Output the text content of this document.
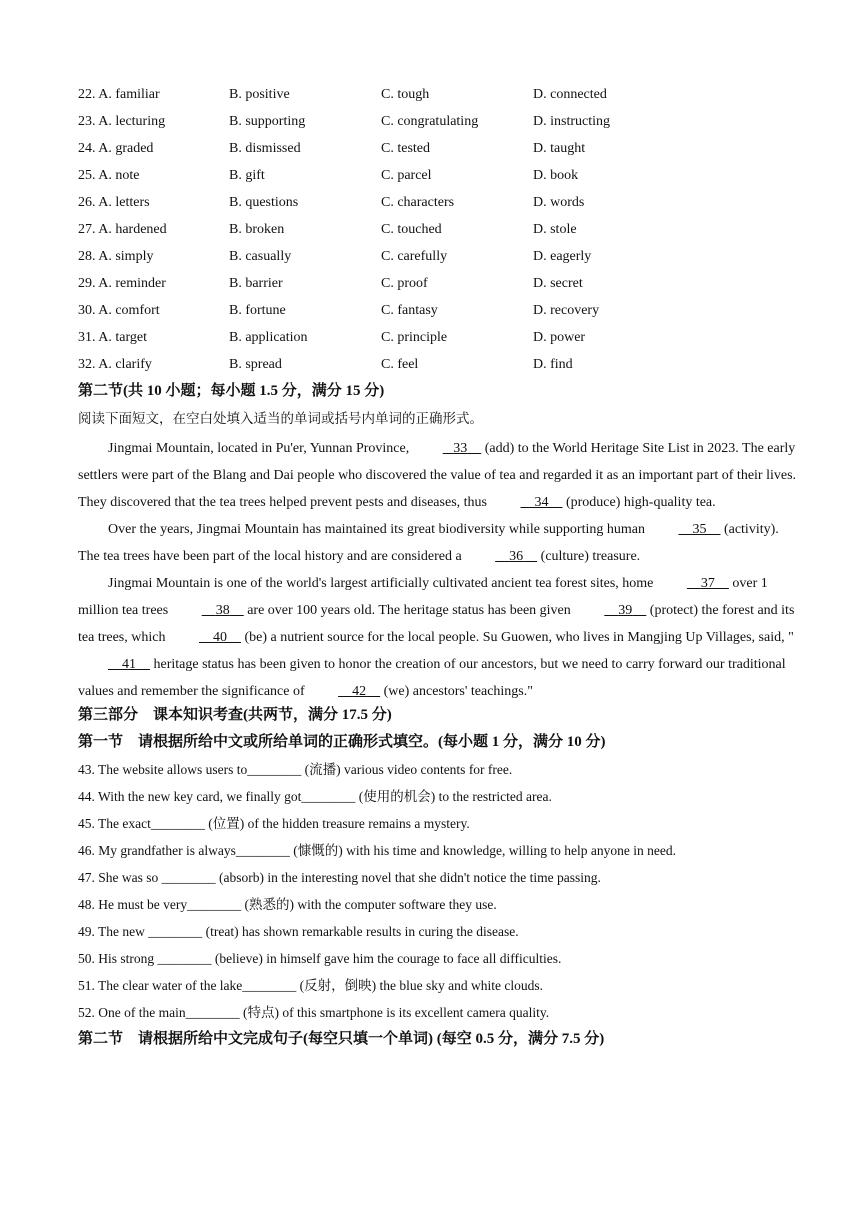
22. A. familiar	B. positive	C. tough	D. connected
23. A. lecturing	B. supporting	C. congratulating	D. instructing
24. A. graded	B. dismissed	C. tested	D. taught
25. A. note	B. gift	C. parcel	D. book
26. A. letters	B. questions	C. characters	D. words
27. A. hardened	B. broken	C. touched	D. stole
28. A. simply	B. casually	C. carefully	D. eagerly
29. A. reminder	B. barrier	C. proof	D. secret
30. A. comfort	B. fortune	C. fantasy	D. recovery
31. A. target	B. application	C. principle	D. power
32. A. clarify	B. spread	C. feel	D. find
第二节(共 10 小题；每小题 1.5 分，满分 15 分)
阅读下面短文，在空白处填入适当的单词或括号内单词的正确形式。

Jingmai Mountain, located in Pu'er, Yunnan Province,	33     (add) to the World Heritage Site List in 2023. The early settlers were part of the Blang and Dai people who discovered the value of tea and regarded it as an important part of their lives. They discovered that the tea trees helped prevent pests and diseases, thus	34     (produce) high-quality tea.

Over the years, Jingmai Mountain has maintained its great biodiversity while supporting human	35     (activity). The tea trees have been part of the local history and are considered a	36     (culture) treasure.

Jingmai Mountain is one of the world's largest artificially cultivated ancient tea forest sites, home	37     over 1 million tea trees	38     are over 100 years old. The heritage status has been given	39     (protect) the forest and its tea trees, which	40     (be) a nutrient source for the local people. Su Guowen, who lives in Mangjing Up Villages, said, "    41     heritage status has been given to honor the creation of our ancestors, but we need to carry forward our traditional values and remember the significance of	42     (we) ancestors' teachings."

第三部分　课本知识考查(共两节，满分 17.5 分)
第一节　请根据所给中文或所给单词的正确形式填空。(每小题 1 分，满分 10 分)
43. The website allows users to________ (流播) various video contents for free.
44. With the new key card, we finally got________ (使用的机会) to the restricted area.
45. The exact________ (位置) of the hidden treasure remains a mystery.
46. My grandfather is always________ (慷慨的) with his time and knowledge, willing to help anyone in need.
47. She was so ________ (absorb) in the interesting novel that she didn't notice the time passing.
48. He must be very________ (熟悉的) with the computer software they use.
49. The new ________ (treat) has shown remarkable results in curing the disease.
50. His strong ________ (believe) in himself gave him the courage to face all difficulties.
51. The clear water of the lake________ (反射，倒映) the blue sky and white clouds.
52. One of the main________ (特点) of this smartphone is its excellent camera quality.
第二节　请根据所给中文完成句子(每空只填一个单词) (每空 0.5 分，满分 7.5 分)
